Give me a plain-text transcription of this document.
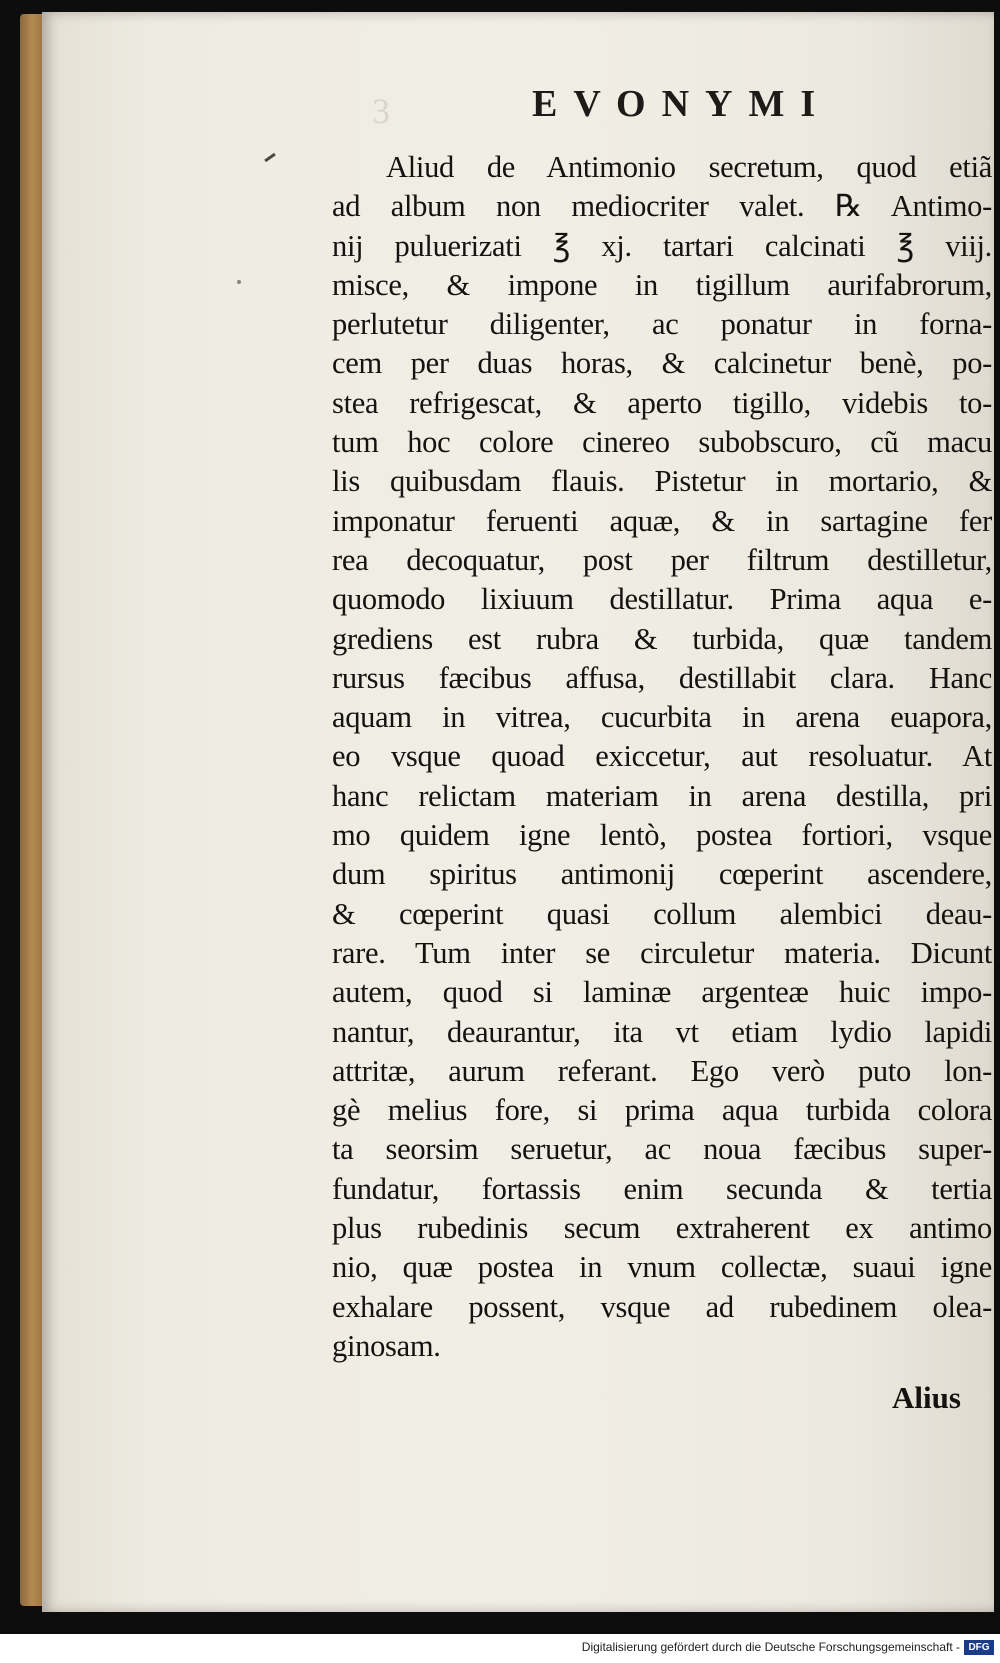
3	EVONYMI
Aliud de Antimonio secretum, quod etiã
ad album non mediocriter valet. ℞ Antimo-
nij puluerizati ℥ xj. tartari calcinati ℥ viij.
misce, & impone in tigillum aurifabrorum,
perlutetur diligenter, ac ponatur in forna-
cem per duas horas, & calcinetur benè, po-
stea refrigescat, & aperto tigillo, videbis to-
tum hoc colore cinereo subobscuro, cũ macu
lis quibusdam flauis. Pistetur in mortario, &
imponatur feruenti aquæ, & in sartagine fer
rea decoquatur, post per filtrum destilletur,
quomodo lixiuum destillatur. Prima aqua e-
grediens est rubra & turbida, quæ tandem
rursus fæcibus affusa, destillabit clara. Hanc
aquam in vitrea, cucurbita in arena euapora,
eo vsque quoad exiccetur, aut resoluatur. At
hanc relictam materiam in arena destilla, pri
mo quidem igne lentò, postea fortiori, vsque
dum spiritus antimonij cœperint ascendere,
& cœperint quasi collum alembici deau-
rare. Tum inter se circuletur materia. Dicunt
autem, quod si laminæ argenteæ huic impo-
nantur, deaurantur, ita vt etiam lydio lapidi
attritæ, aurum referant. Ego verò puto lon-
gè melius fore, si prima aqua turbida colora
ta seorsim seruetur, ac noua fæcibus super-
fundatur, fortassis enim secunda & tertia
plus rubedinis secum extraherent ex antimo
nio, quæ postea in vnum collectæ, suaui igne
exhalare possent, vsque ad rubedinem olea-
ginosam.
Alius
Digitalisierung gefördert durch die Deutsche Forschungsgemeinschaft - DFG
